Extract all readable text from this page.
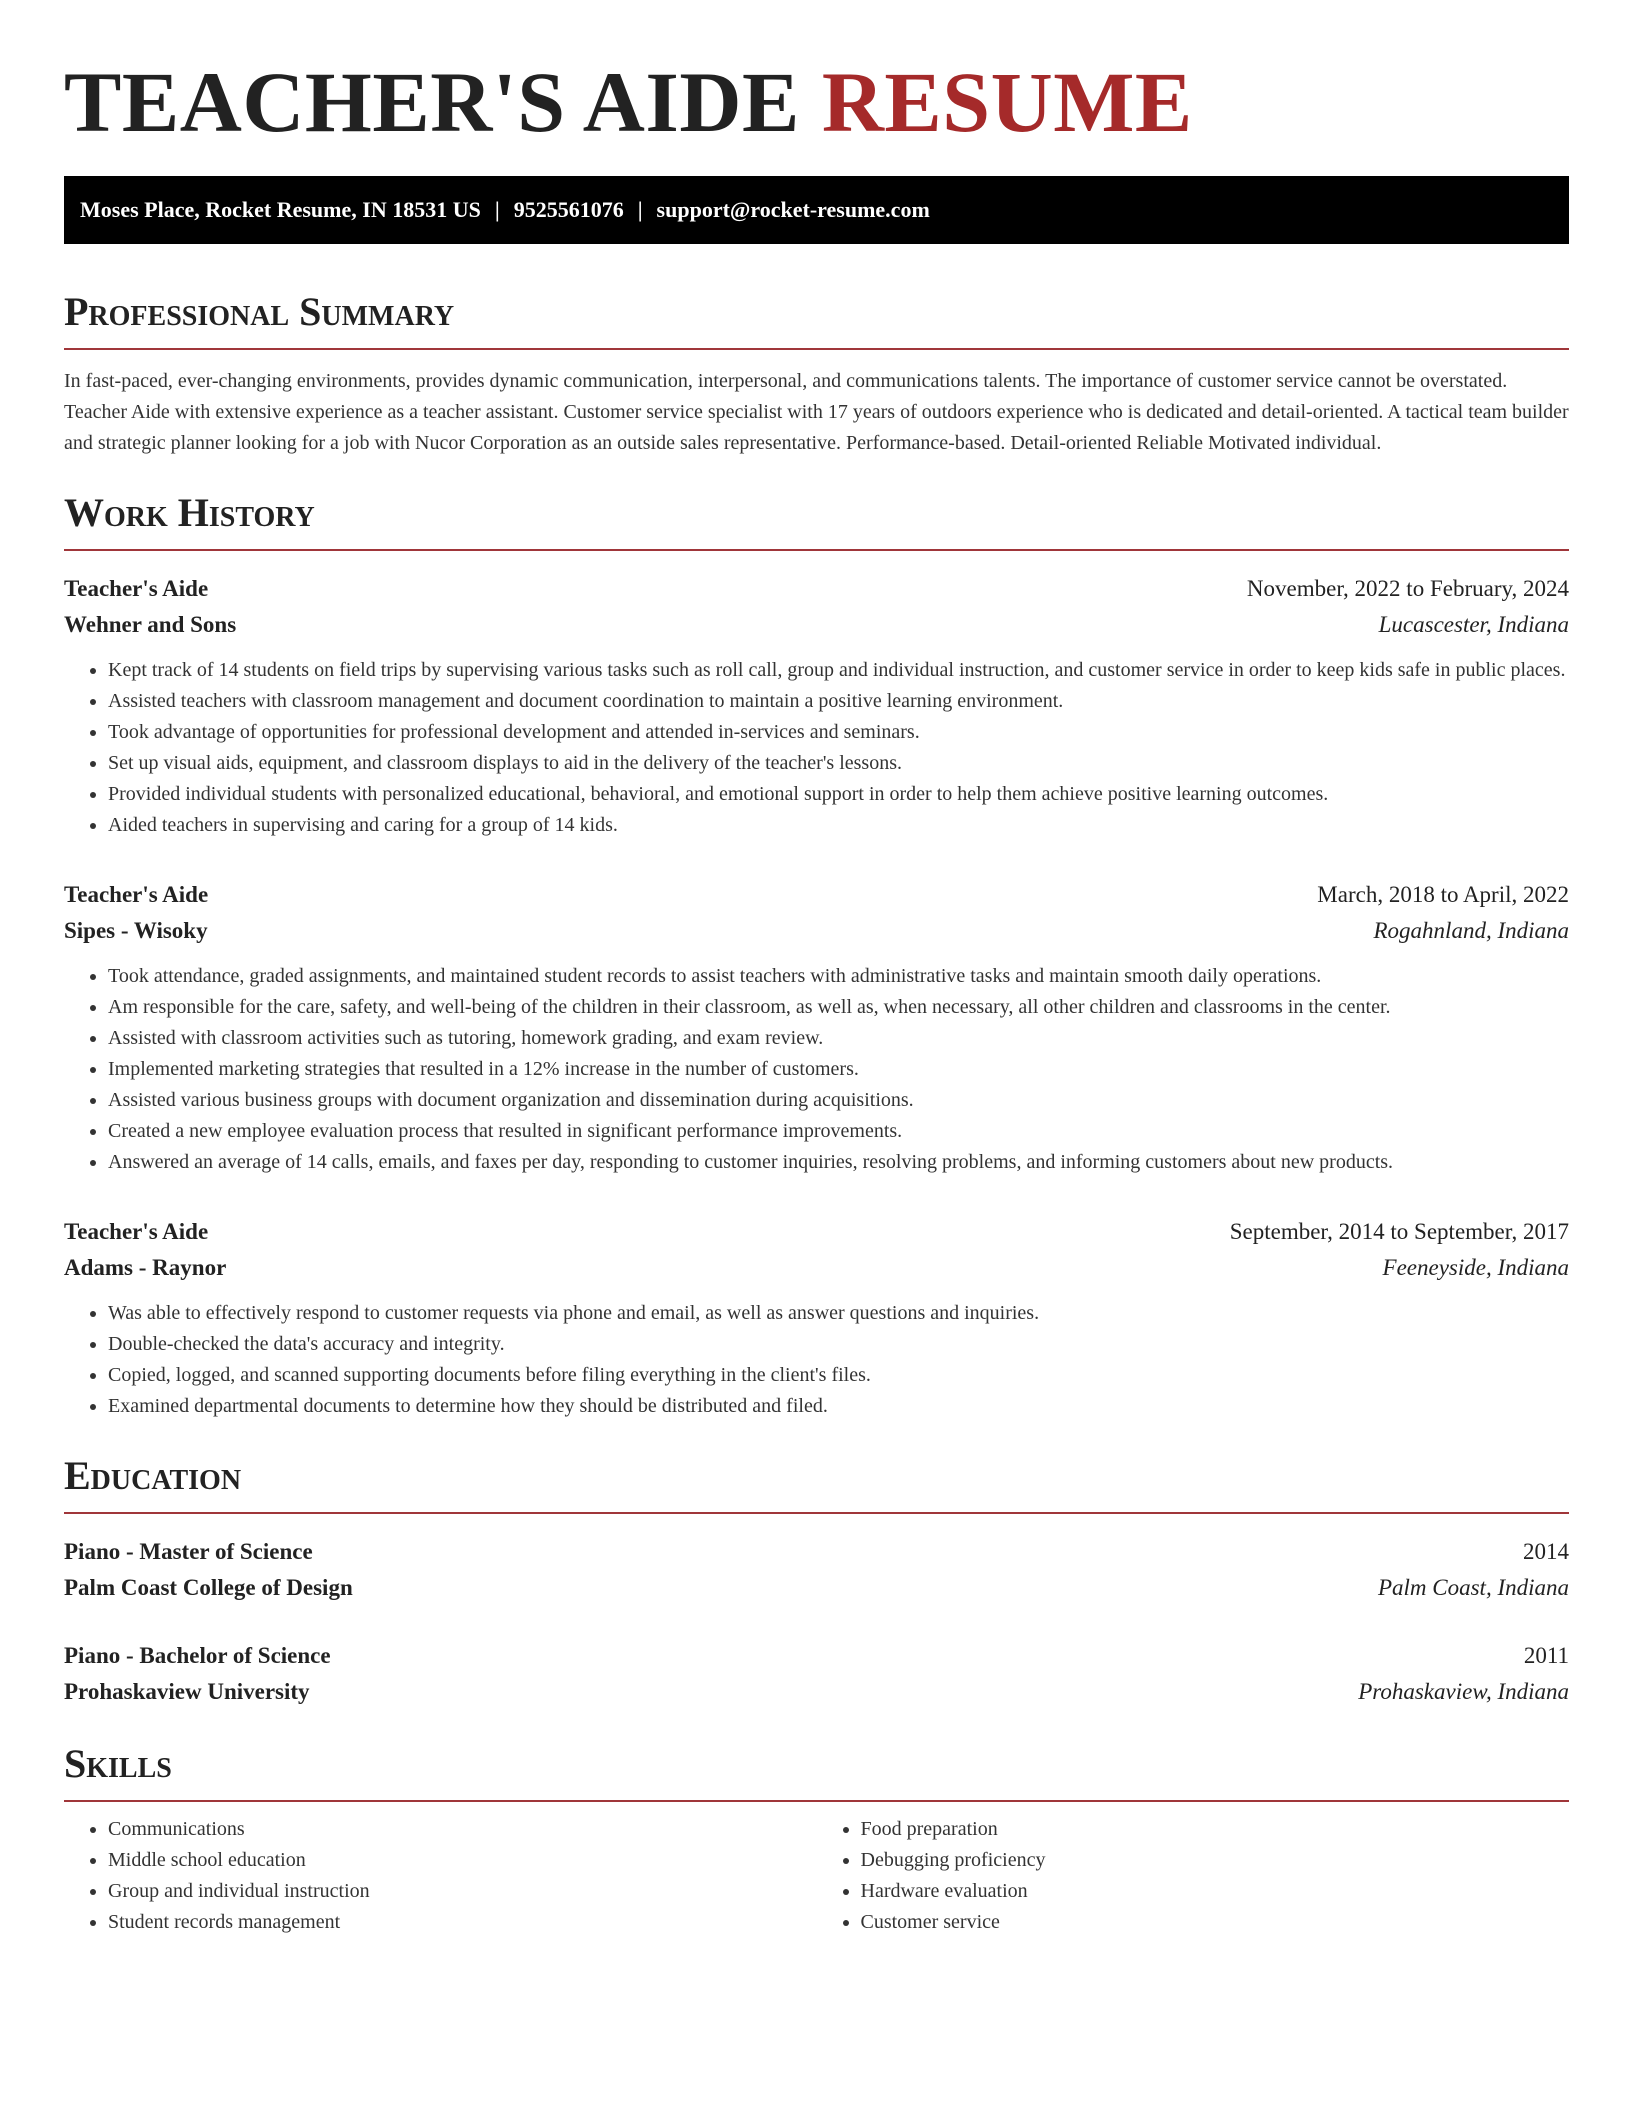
TEACHER'S AIDE RESUME
Moses Place, Rocket Resume, IN 18531 US | 9525561076 | support@rocket-resume.com
Professional Summary

In fast-paced, ever-changing environments, provides dynamic communication, interpersonal, and communications talents. The importance of customer service cannot be overstated. Teacher Aide with extensive experience as a teacher assistant. Customer service specialist with 17 years of outdoors experience who is dedicated and detail-oriented. A tactical team builder and strategic planner looking for a job with Nucor Corporation as an outside sales representative. Performance-based. Detail-oriented Reliable Motivated individual.

Work History
Teacher's Aide	November, 2022 to February, 2024
Wehner and Sons	Lucascester, Indiana
• Kept track of 14 students on field trips by supervising various tasks such as roll call, group and individual instruction, and customer service in order to keep kids safe in public places.
• Assisted teachers with classroom management and document coordination to maintain a positive learning environment.
• Took advantage of opportunities for professional development and attended in-services and seminars.
• Set up visual aids, equipment, and classroom displays to aid in the delivery of the teacher's lessons.
• Provided individual students with personalized educational, behavioral, and emotional support in order to help them achieve positive learning outcomes.
• Aided teachers in supervising and caring for a group of 14 kids.
Teacher's Aide	March, 2018 to April, 2022
Sipes - Wisoky	Rogahnland, Indiana
• Took attendance, graded assignments, and maintained student records to assist teachers with administrative tasks and maintain smooth daily operations.
• Am responsible for the care, safety, and well-being of the children in their classroom, as well as, when necessary, all other children and classrooms in the center.
• Assisted with classroom activities such as tutoring, homework grading, and exam review.
• Implemented marketing strategies that resulted in a 12% increase in the number of customers.
• Assisted various business groups with document organization and dissemination during acquisitions.
• Created a new employee evaluation process that resulted in significant performance improvements.
• Answered an average of 14 calls, emails, and faxes per day, responding to customer inquiries, resolving problems, and informing customers about new products.
Teacher's Aide	September, 2014 to September, 2017
Adams - Raynor	Feeneyside, Indiana
• Was able to effectively respond to customer requests via phone and email, as well as answer questions and inquiries.
• Double-checked the data's accuracy and integrity.
• Copied, logged, and scanned supporting documents before filing everything in the client's files.
• Examined departmental documents to determine how they should be distributed and filed.
Education
Piano - Master of Science	2014
Palm Coast College of Design	Palm Coast, Indiana
Piano - Bachelor of Science	2011
Prohaskaview University	Prohaskaview, Indiana
Skills
• Communications
• Middle school education
• Group and individual instruction
• Student records management
• Food preparation
• Debugging proficiency
• Hardware evaluation
• Customer service
